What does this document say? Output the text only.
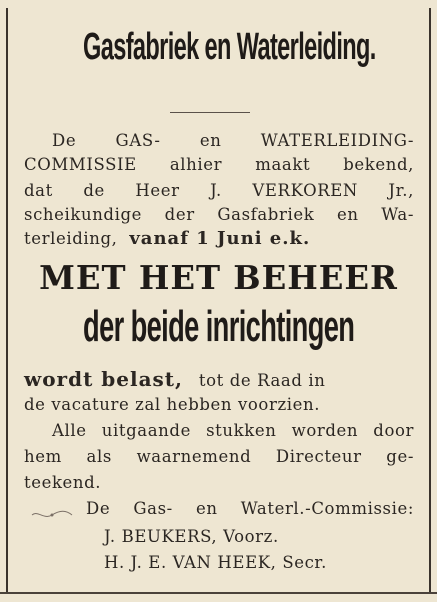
Gasfabriek en Waterleiding.
De GAS- en WATERLEIDING-
COMMISSIE alhier maakt bekend,
dat de Heer J. VERKOREN Jr.,
scheikundige der Gasfabriek en Wa-
terleiding, vanaf 1 Juni e.k.
MET HET BEHEER
der beide inrichtingen
wordt belast, tot de Raad in
de vacature zal hebben voorzien.
Alle uitgaande stukken worden door
hem als waarnemend Directeur ge-
teekend.
De Gas- en Waterl.-Commissie:
J. BEUKERS, Voorz.
H. J. E. VAN HEEK, Secr.
